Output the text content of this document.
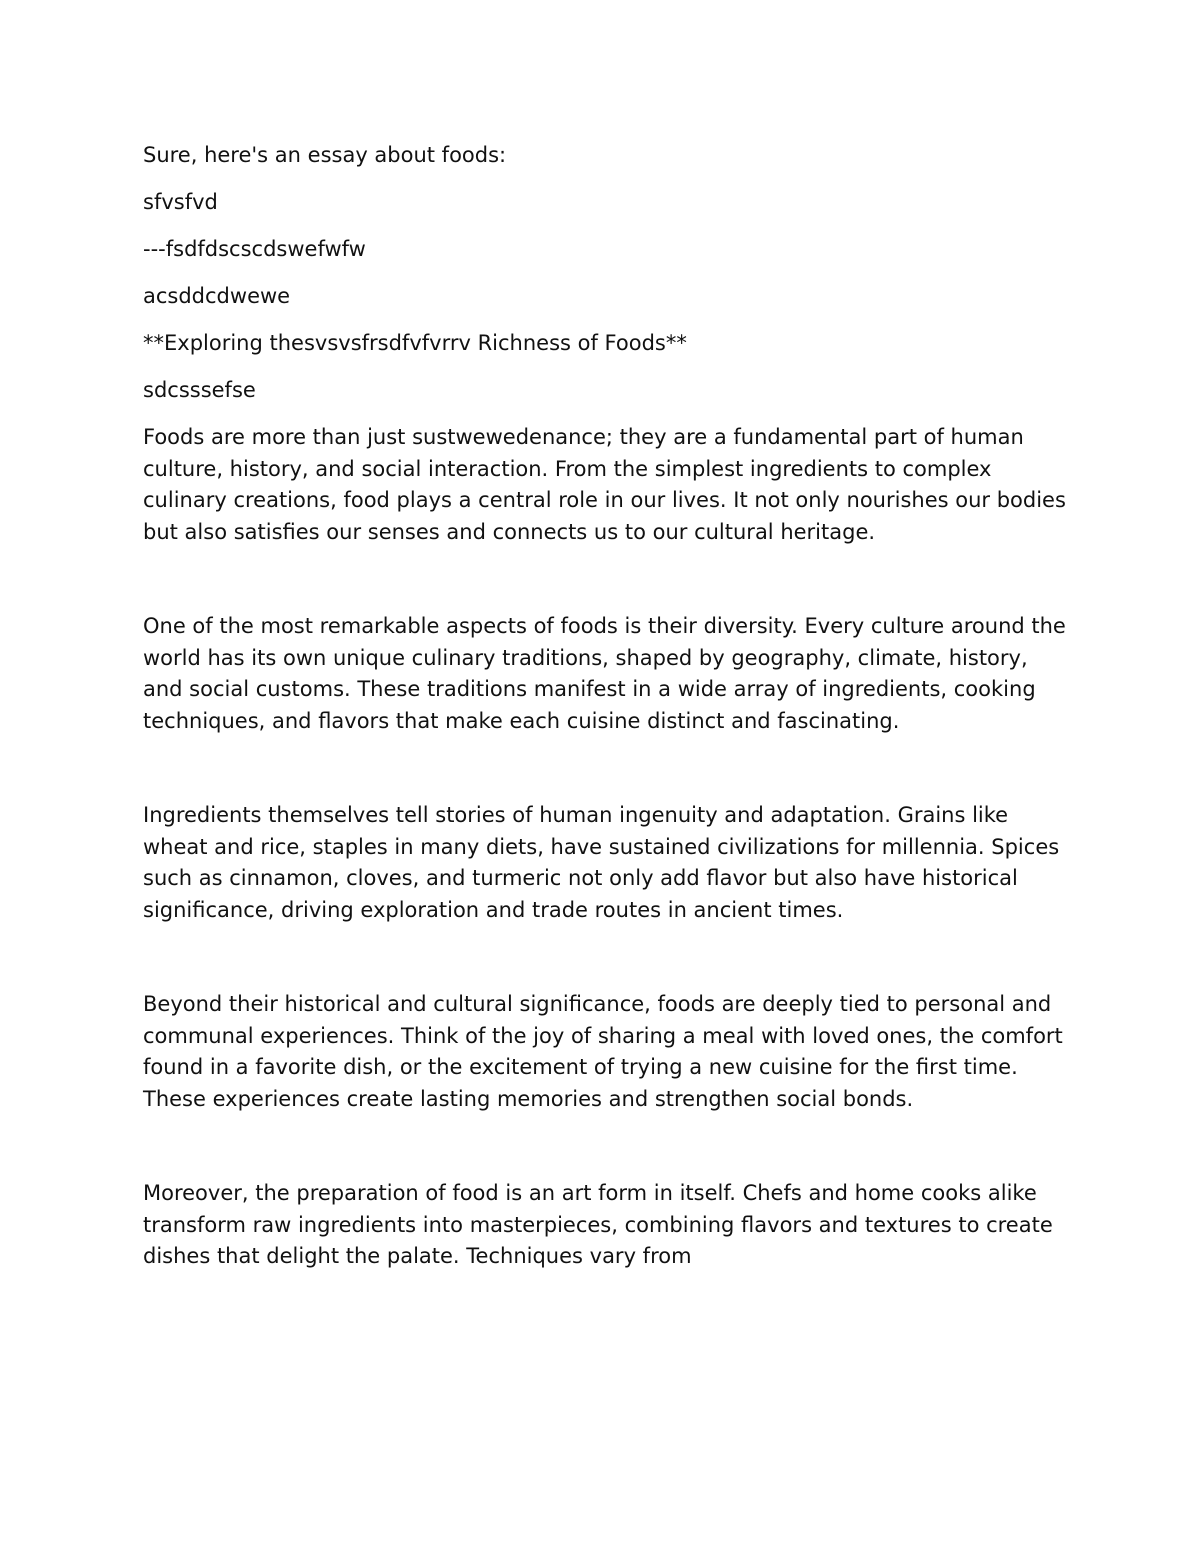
Sure, here's an essay about foods:

sfvsfvd

---fsdfdscscdswefwfw

acsddcdwewe

**Exploring thesvsvsfrsdfvfvrrv Richness of Foods**

sdcsssefse

Foods are more than just sustwewedenance; they are a fundamental part of human culture, history, and social interaction. From the simplest ingredients to complex culinary creations, food plays a central role in our lives. It not only nourishes our bodies but also satisfies our senses and connects us to our cultural heritage.

One of the most remarkable aspects of foods is their diversity. Every culture around the world has its own unique culinary traditions, shaped by geography, climate, history, and social customs. These traditions manifest in a wide array of ingredients, cooking techniques, and flavors that make each cuisine distinct and fascinating.

Ingredients themselves tell stories of human ingenuity and adaptation. Grains like wheat and rice, staples in many diets, have sustained civilizations for millennia. Spices such as cinnamon, cloves, and turmeric not only add flavor but also have historical significance, driving exploration and trade routes in ancient times.

Beyond their historical and cultural significance, foods are deeply tied to personal and communal experiences. Think of the joy of sharing a meal with loved ones, the comfort found in a favorite dish, or the excitement of trying a new cuisine for the first time. These experiences create lasting memories and strengthen social bonds.

Moreover, the preparation of food is an art form in itself. Chefs and home cooks alike transform raw ingredients into masterpieces, combining flavors and textures to create dishes that delight the palate. Techniques vary from
